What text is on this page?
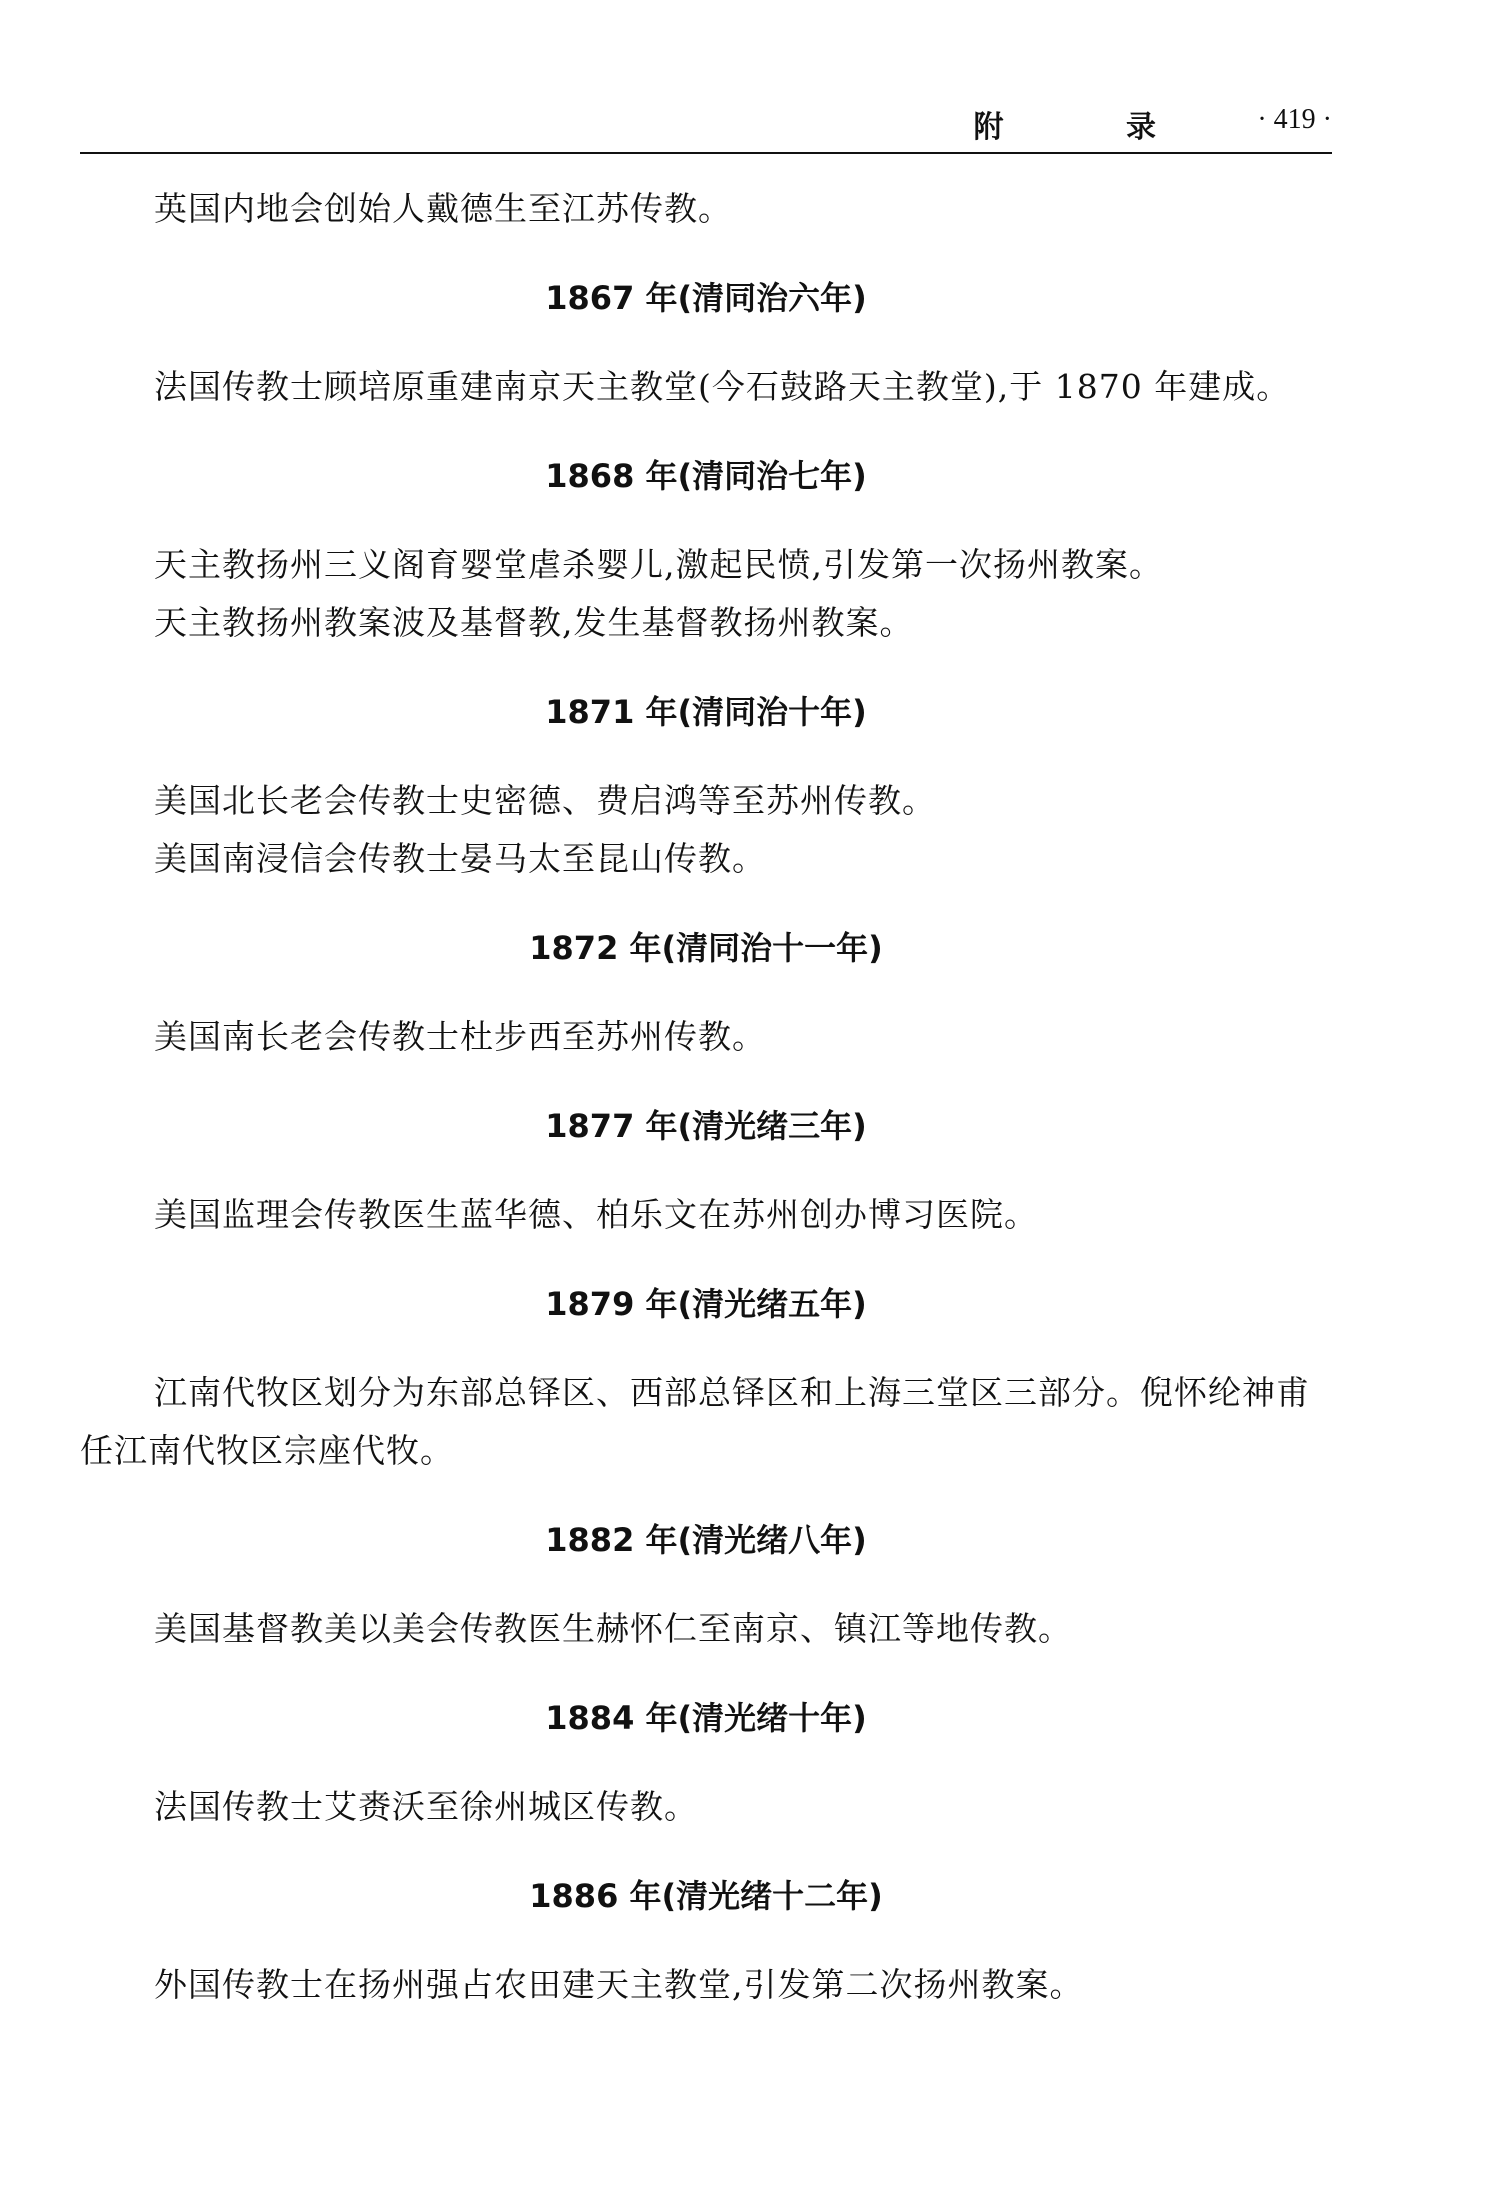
附 录 · 419 ·

英国内地会创始人戴德生至江苏传教。

1867 年(清同治六年)

法国传教士顾培原重建南京天主教堂(今石鼓路天主教堂),于 1870 年建成。

1868 年(清同治七年)

天主教扬州三义阁育婴堂虐杀婴儿,激起民愤,引发第一次扬州教案。

天主教扬州教案波及基督教,发生基督教扬州教案。

1871 年(清同治十年)

美国北长老会传教士史密德、费启鸿等至苏州传教。

美国南浸信会传教士晏马太至昆山传教。

1872 年(清同治十一年)

美国南长老会传教士杜步西至苏州传教。

1877 年(清光绪三年)

美国监理会传教医生蓝华德、柏乐文在苏州创办博习医院。

1879 年(清光绪五年)

江南代牧区划分为东部总铎区、西部总铎区和上海三堂区三部分。倪怀纶神甫任江南代牧区宗座代牧。

1882 年(清光绪八年)

美国基督教美以美会传教医生赫怀仁至南京、镇江等地传教。

1884 年(清光绪十年)

法国传教士艾赉沃至徐州城区传教。

1886 年(清光绪十二年)

外国传教士在扬州强占农田建天主教堂,引发第二次扬州教案。
